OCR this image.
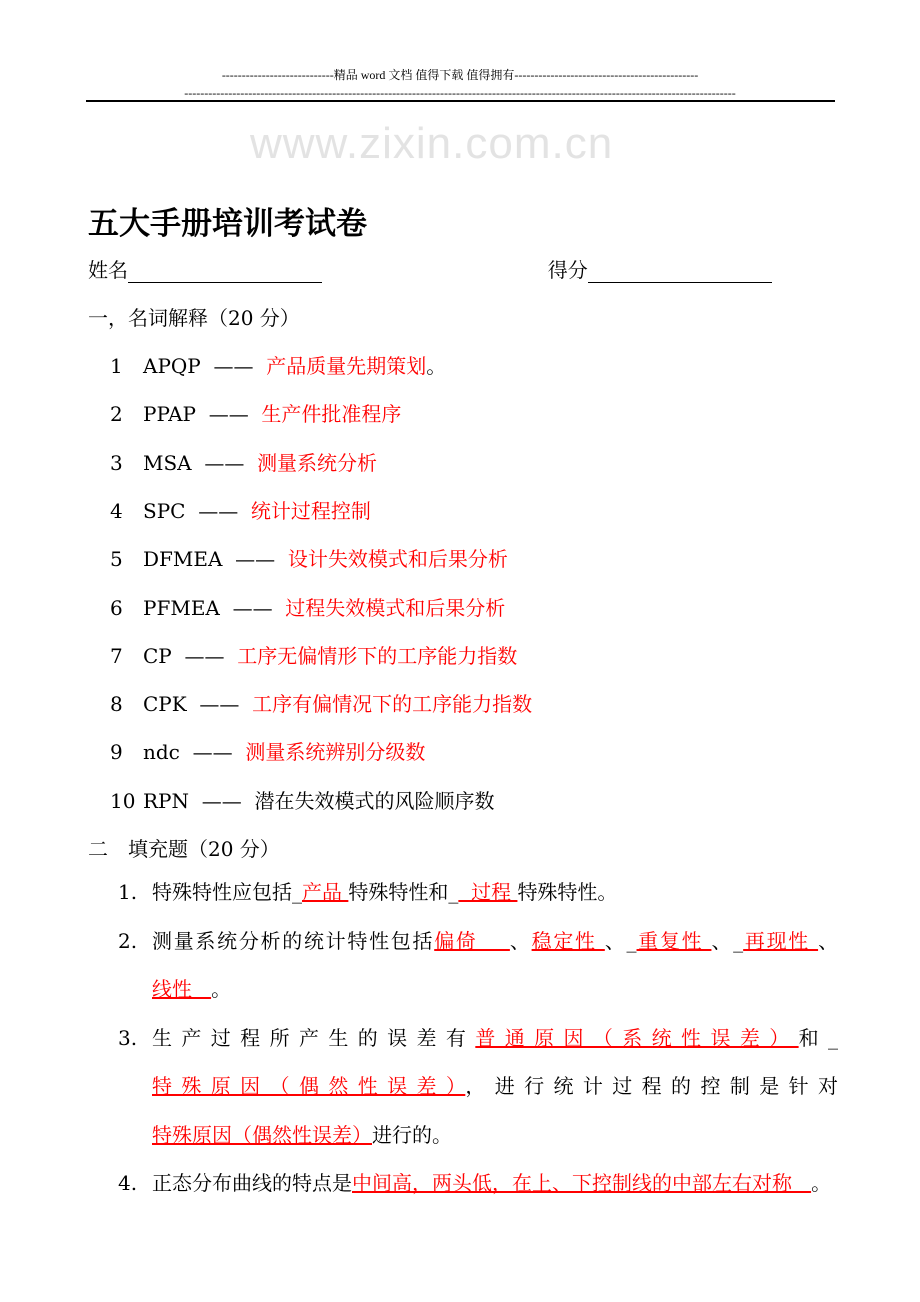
----------------------------精品 word 文档 值得下载 值得拥有----------------------------------------------
------------------------------------------------------------------------------------------------------------------------------------------
www.zixin.com.cn
五大手册培训考试卷
姓名	得分
一，名词解释（20 分）
二　填充题（20 分）
1. 特殊特性应包括_产品 特殊特性和_  过程 特殊特性。
2. 测量系统分析的统计特性包括偏倚    、稳定性 、_重复性 、_再现性 、线性   。
3. 生产过程所产生的误差有普通原因（系统性误差）和_特殊原因（偶然性误差），进行统计过程的控制是针对特殊原因（偶然性误差）进行的。
4. 正态分布曲线的特点是中间高，两头低，在上、下控制线的中部左右对称   。
1 APQP —— 产品质量先期策划。
2 PPAP —— 生产件批准程序
3 MSA —— 测量系统分析
4 SPC —— 统计过程控制
5 DFMEA —— 设计失效模式和后果分析
6 PFMEA —— 过程失效模式和后果分析
7 CP —— 工序无偏情形下的工序能力指数
8 CPK —— 工序有偏情况下的工序能力指数
9 ndc —— 测量系统辨别分级数
10 RPN —— 潜在失效模式的风险顺序数
